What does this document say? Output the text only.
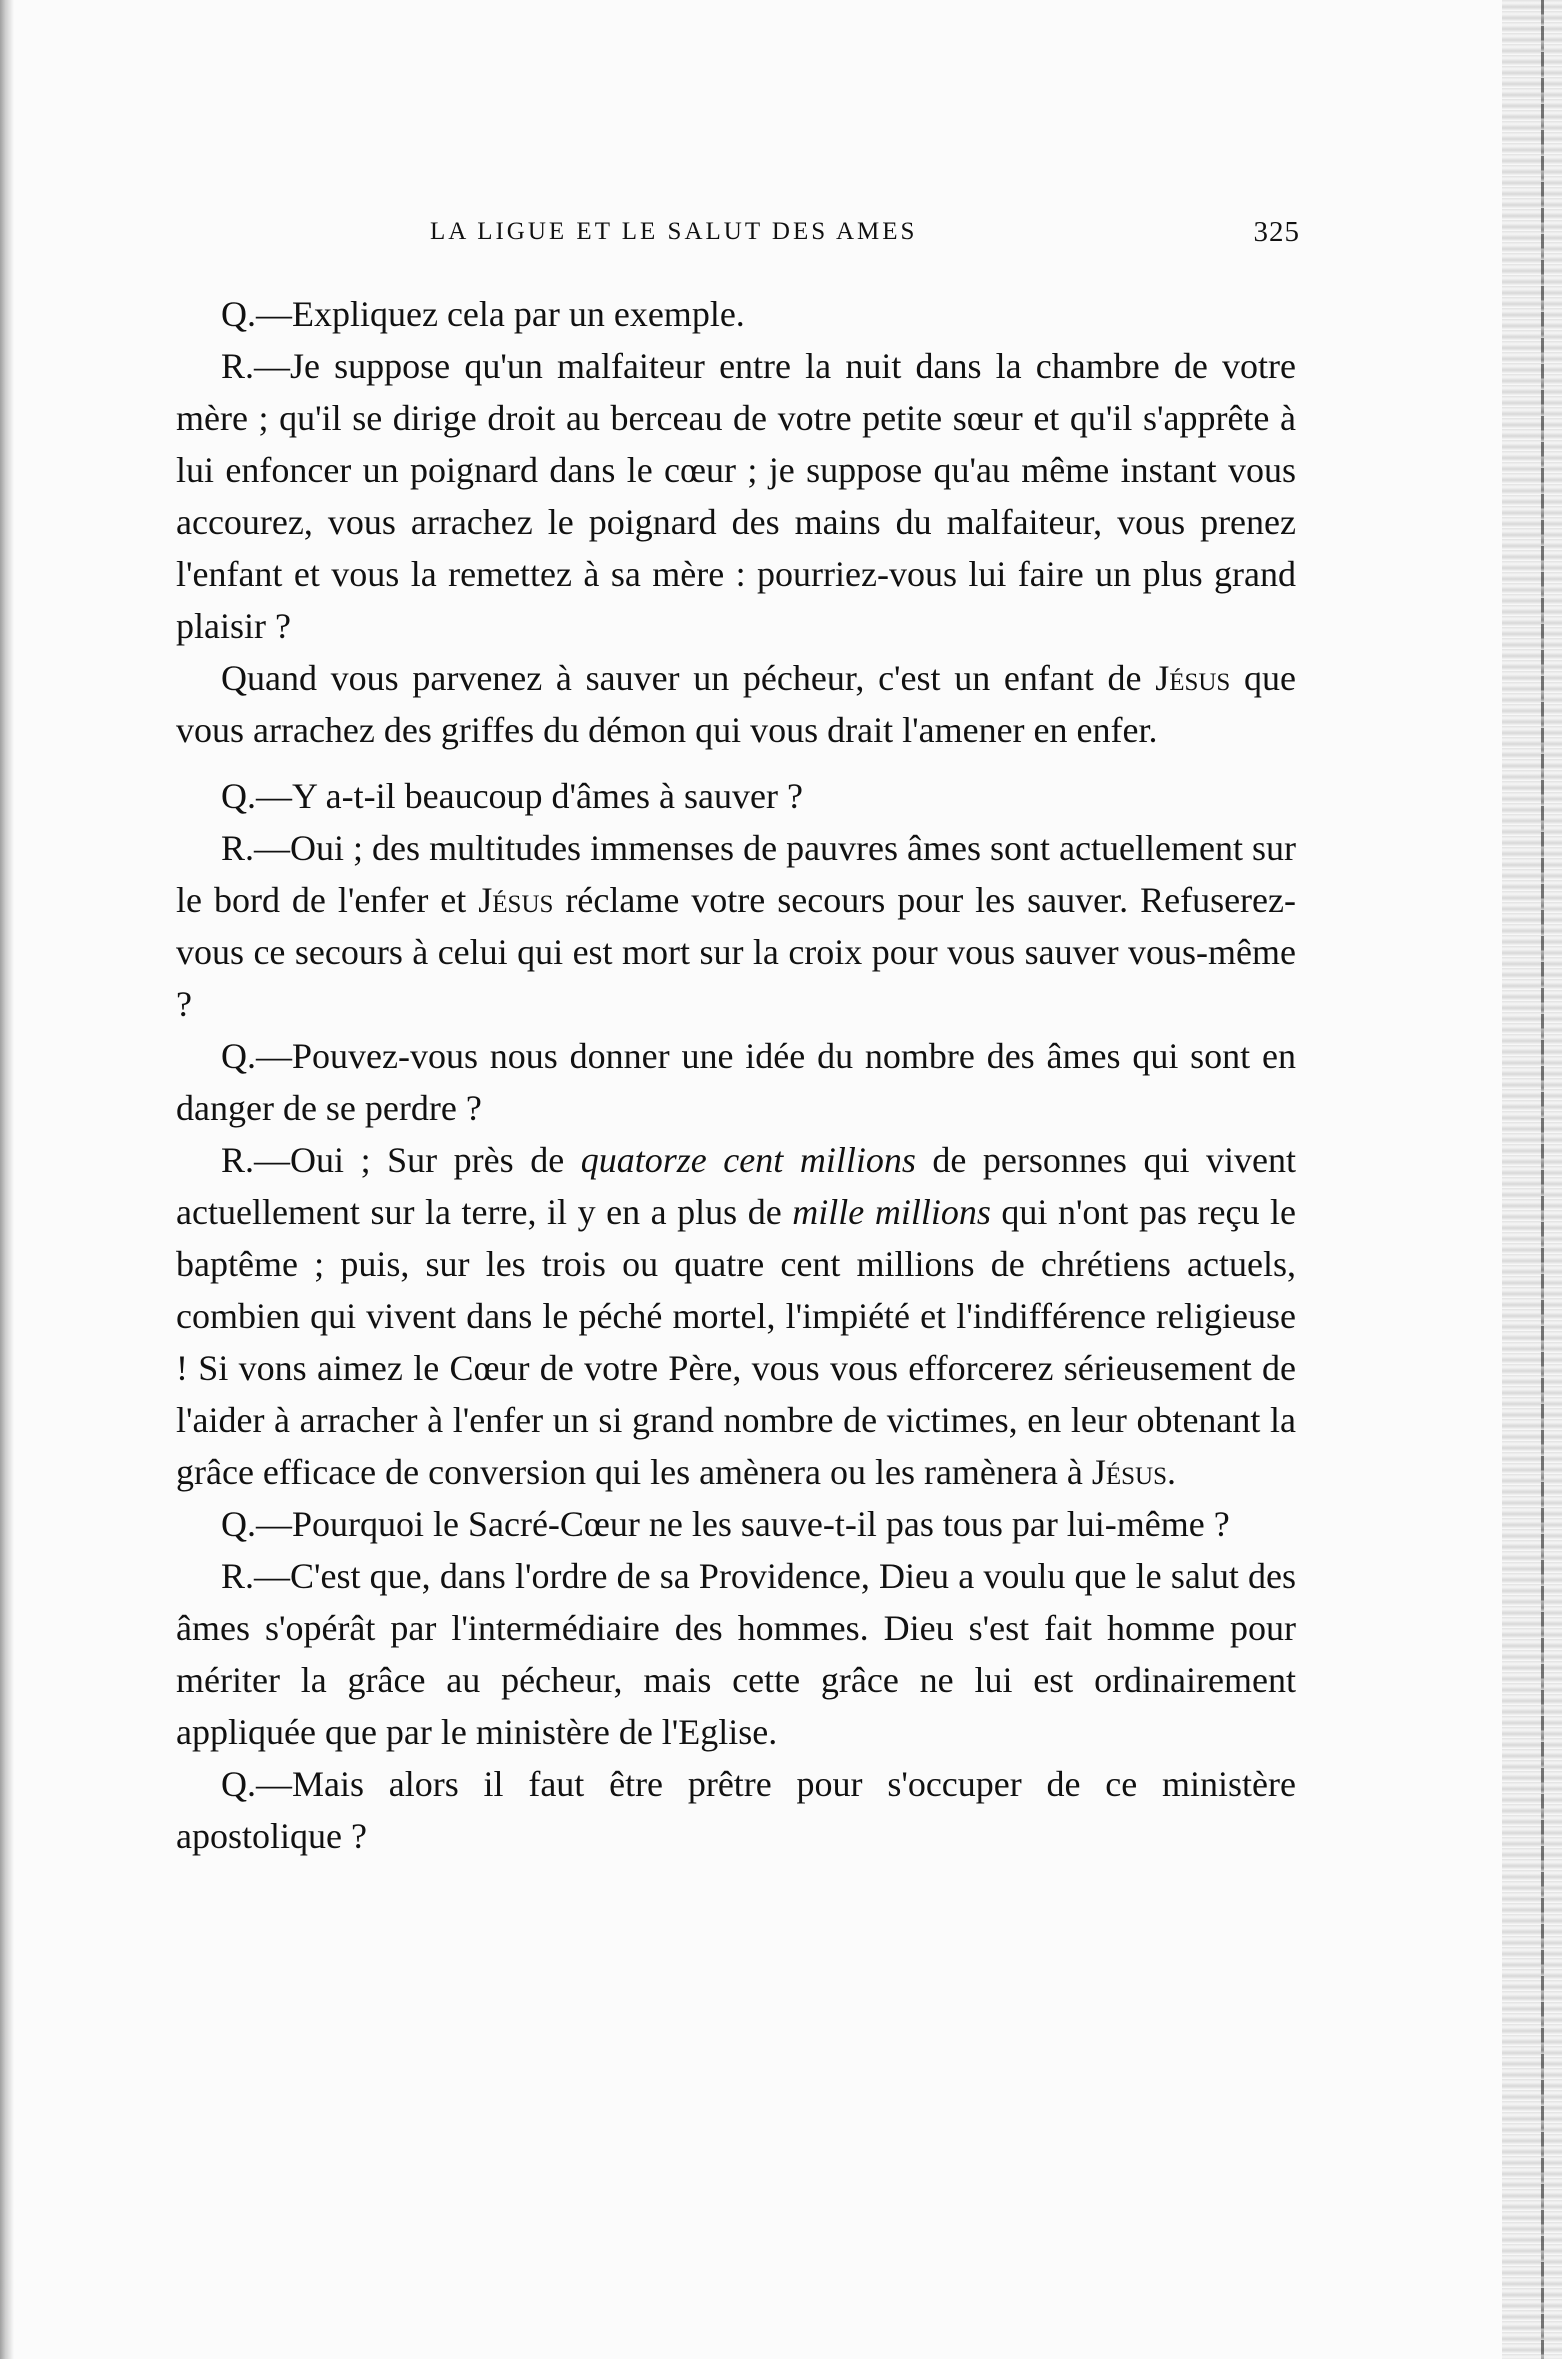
LA LIGUE ET LE SALUT DES AMES	325

Q.—Expliquez cela par un exemple.

R.—Je suppose qu'un malfaiteur entre la nuit dans la chambre de votre mère ; qu'il se dirige droit au berceau de votre petite sœur et qu'il s'apprête à lui enfoncer un poignard dans le cœur ; je suppose qu'au même instant vous accourez, vous arrachez le poignard des mains du malfaiteur, vous prenez l'enfant et vous la remettez à sa mère : pourriez-vous lui faire un plus grand plaisir ?

Quand vous parvenez à sauver un pécheur, c'est un enfant de Jésus que vous arrachez des griffes du démon qui vous drait l'amener en enfer.

Q.—Y a-t-il beaucoup d'âmes à sauver ?

R.—Oui ; des multitudes immenses de pauvres âmes sont actuellement sur le bord de l'enfer et Jésus réclame votre secours pour les sauver. Refuserez-vous ce secours à celui qui est mort sur la croix pour vous sauver vous-même ?

Q.—Pouvez-vous nous donner une idée du nombre des âmes qui sont en danger de se perdre ?

R.—Oui ; Sur près de quatorze cent millions de personnes qui vivent actuellement sur la terre, il y en a plus de mille millions qui n'ont pas reçu le baptême ; puis, sur les trois ou quatre cent millions de chrétiens actuels, combien qui vivent dans le péché mortel, l'impiété et l'indifférence religieuse ! Si vons aimez le Cœur de votre Père, vous vous efforcerez sérieusement de l'aider à arracher à l'enfer un si grand nombre de victimes, en leur obtenant la grâce efficace de conversion qui les amènera ou les ramènera à Jésus.

Q.—Pourquoi le Sacré-Cœur ne les sauve-t-il pas tous par lui-même ?

R.—C'est que, dans l'ordre de sa Providence, Dieu a voulu que le salut des âmes s'opérât par l'intermédiaire des hommes. Dieu s'est fait homme pour mériter la grâce au pécheur, mais cette grâce ne lui est ordinairement appliquée que par le ministère de l'Eglise.

Q.—Mais alors il faut être prêtre pour s'occuper de ce ministère apostolique ?
